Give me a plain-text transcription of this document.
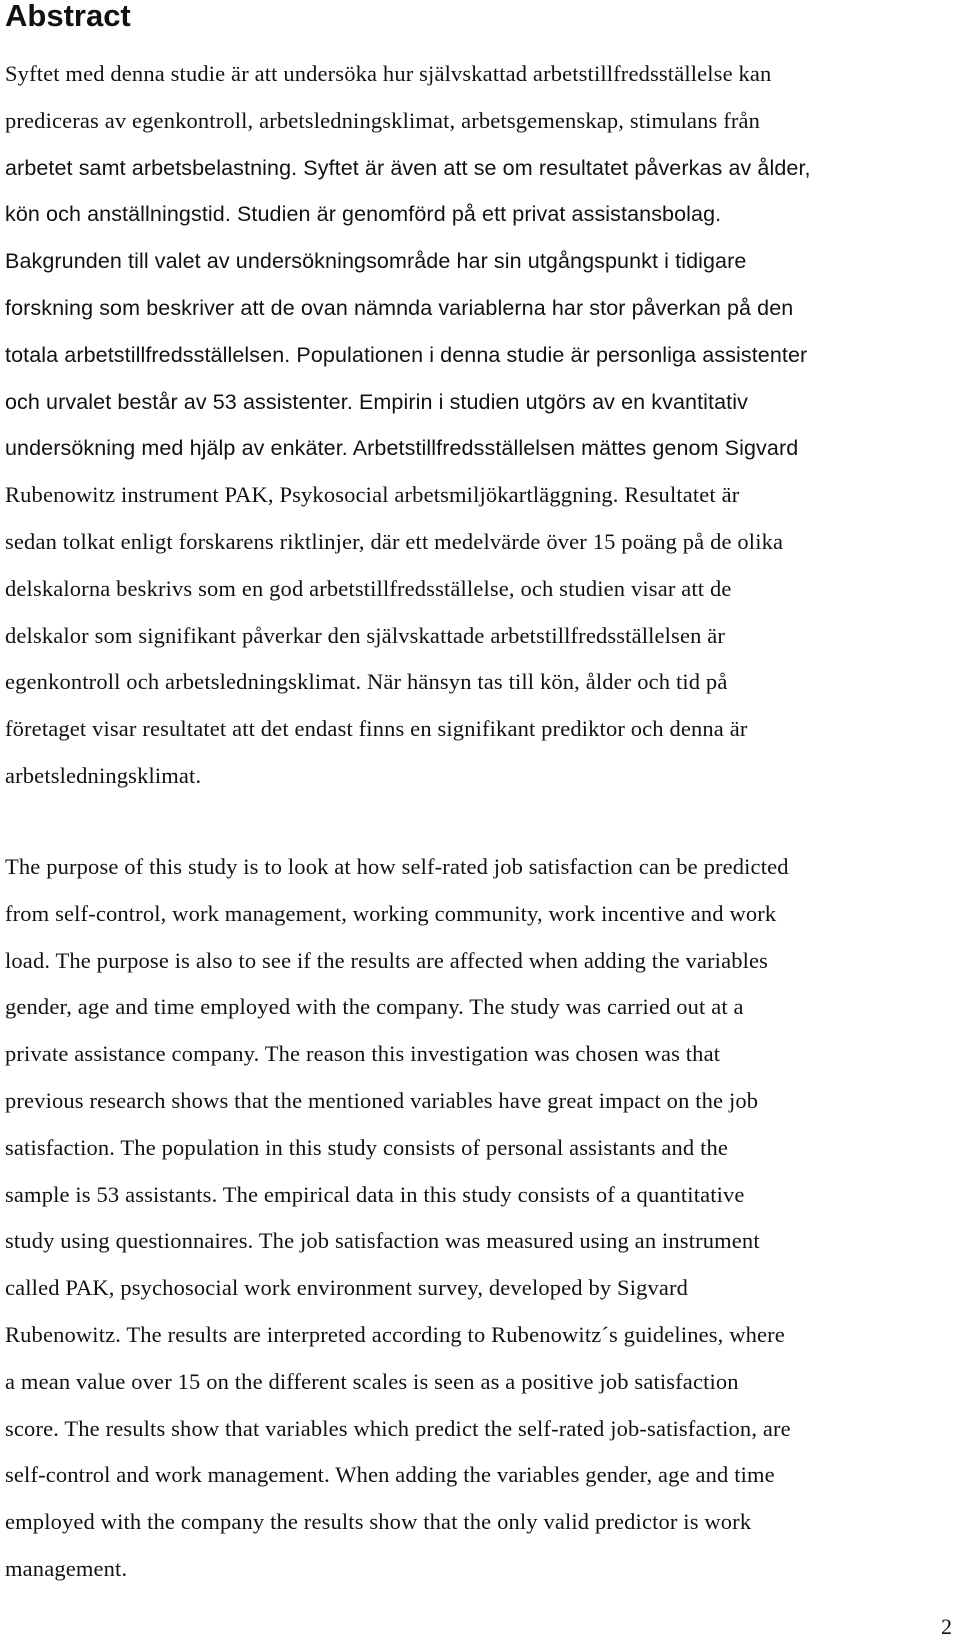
Abstract
Syftet med denna studie är att undersöka hur självskattad arbetstillfredsställelse kan
prediceras av egenkontroll, arbetsledningsklimat, arbetsgemenskap, stimulans från
arbetet samt arbetsbelastning. Syftet är även att se om resultatet påverkas av ålder,
kön och anställningstid. Studien är genomförd på ett privat assistansbolag.
Bakgrunden till valet av undersökningsområde har sin utgångspunkt i tidigare
forskning som beskriver att de ovan nämnda variablerna har stor påverkan på den
totala arbetstillfredsställelsen. Populationen i denna studie är personliga assistenter
och urvalet består av 53 assistenter. Empirin i studien utgörs av en kvantitativ
undersökning med hjälp av enkäter. Arbetstillfredsställelsen mättes genom Sigvard
Rubenowitz instrument PAK, Psykosocial arbetsmiljökartläggning. Resultatet är
sedan tolkat enligt forskarens riktlinjer, där ett medelvärde över 15 poäng på de olika
delskalorna beskrivs som en god arbetstillfredsställelse, och studien visar att de
delskalor som signifikant påverkar den självskattade arbetstillfredsställelsen är
egenkontroll och arbetsledningsklimat. När hänsyn tas till kön, ålder och tid på
företaget visar resultatet att det endast finns en signifikant prediktor och denna är
arbetsledningsklimat.
The purpose of this study is to look at how self-rated job satisfaction can be predicted
from self-control, work management, working community, work incentive and work
load. The purpose is also to see if the results are affected when adding the variables
gender, age and time employed with the company. The study was carried out at a
private assistance company. The reason this investigation was chosen was that
previous research shows that the mentioned variables have great impact on the job
satisfaction. The population in this study consists of personal assistants and the
sample is 53 assistants. The empirical data in this study consists of a quantitative
study using questionnaires. The job satisfaction was measured using an instrument
called PAK, psychosocial work environment survey, developed by Sigvard
Rubenowitz. The results are interpreted according to Rubenowitz´s guidelines, where
a mean value over 15 on the different scales is seen as a positive job satisfaction
score. The results show that variables which predict the self-rated job-satisfaction, are
self-control and work management. When adding the variables gender, age and time
employed with the company the results show that the only valid predictor is work
management.
2
